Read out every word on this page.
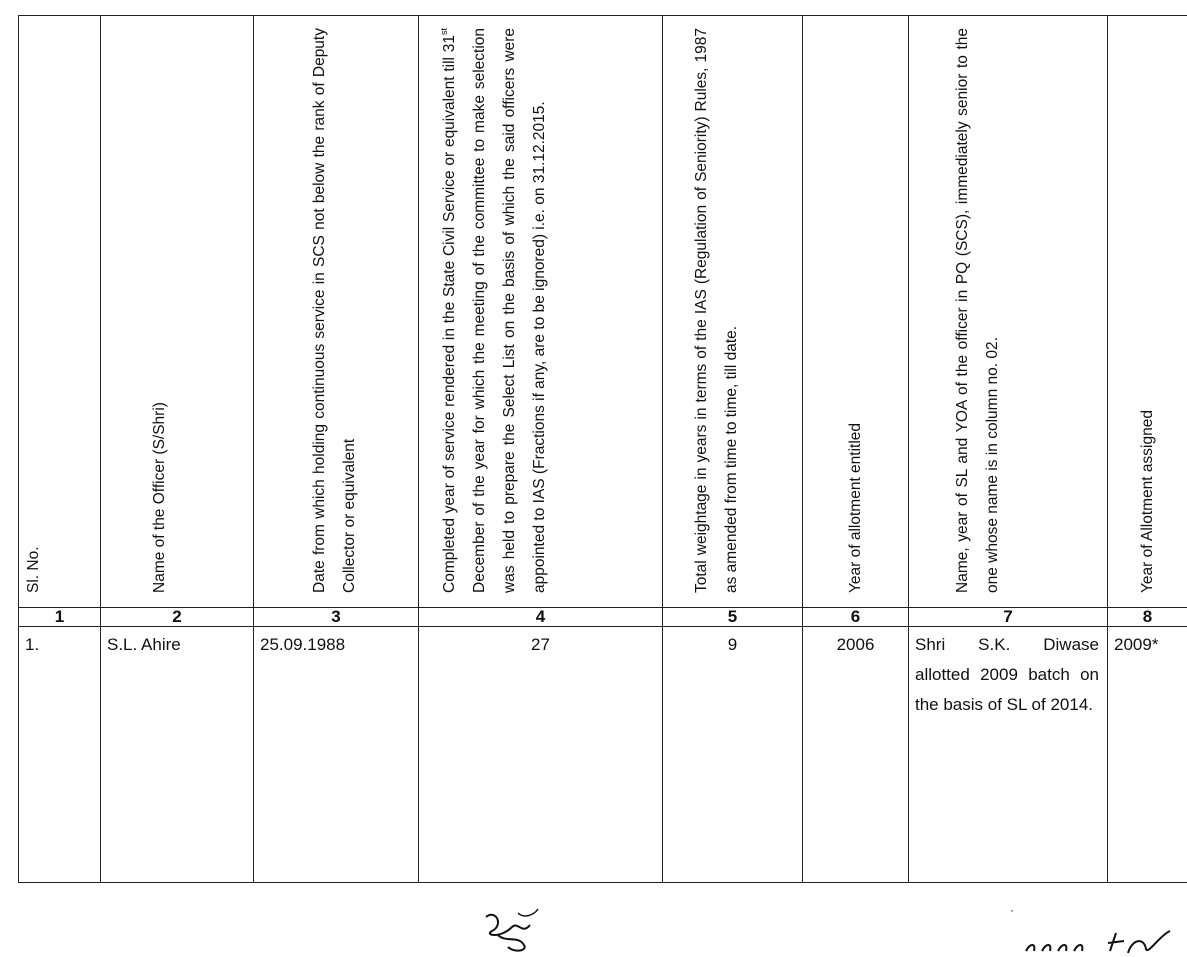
Sl. No.	Name of the Officer (S/Shri)	Date from which holding continuous service in SCS not below the rank of Deputy Collector or equivalent	Completed year of service rendered in the State Civil Service or equivalent till 31st December of the year for which the meeting of the committee to make selection was held to prepare the Select List on the basis of which the said officers were appointed to IAS (Fractions if any, are to be ignored) i.e. on 31.12.2015.	Total weightage in years in terms of the IAS (Regulation of Seniority) Rules, 1987 as amended from time to time, till date.	Year of allotment entitled	Name, year of SL and YOA of the officer in PQ (SCS), immediately senior to the one whose name is in column no. 02.	Year of Allotment assigned

1	2	3	4	5	6	7	8
1.	S.L. Ahire	25.09.1988	27	9	2006	Shri S.K. Diwase allotted 2009 batch on the basis of SL of 2014.	2009*
·
